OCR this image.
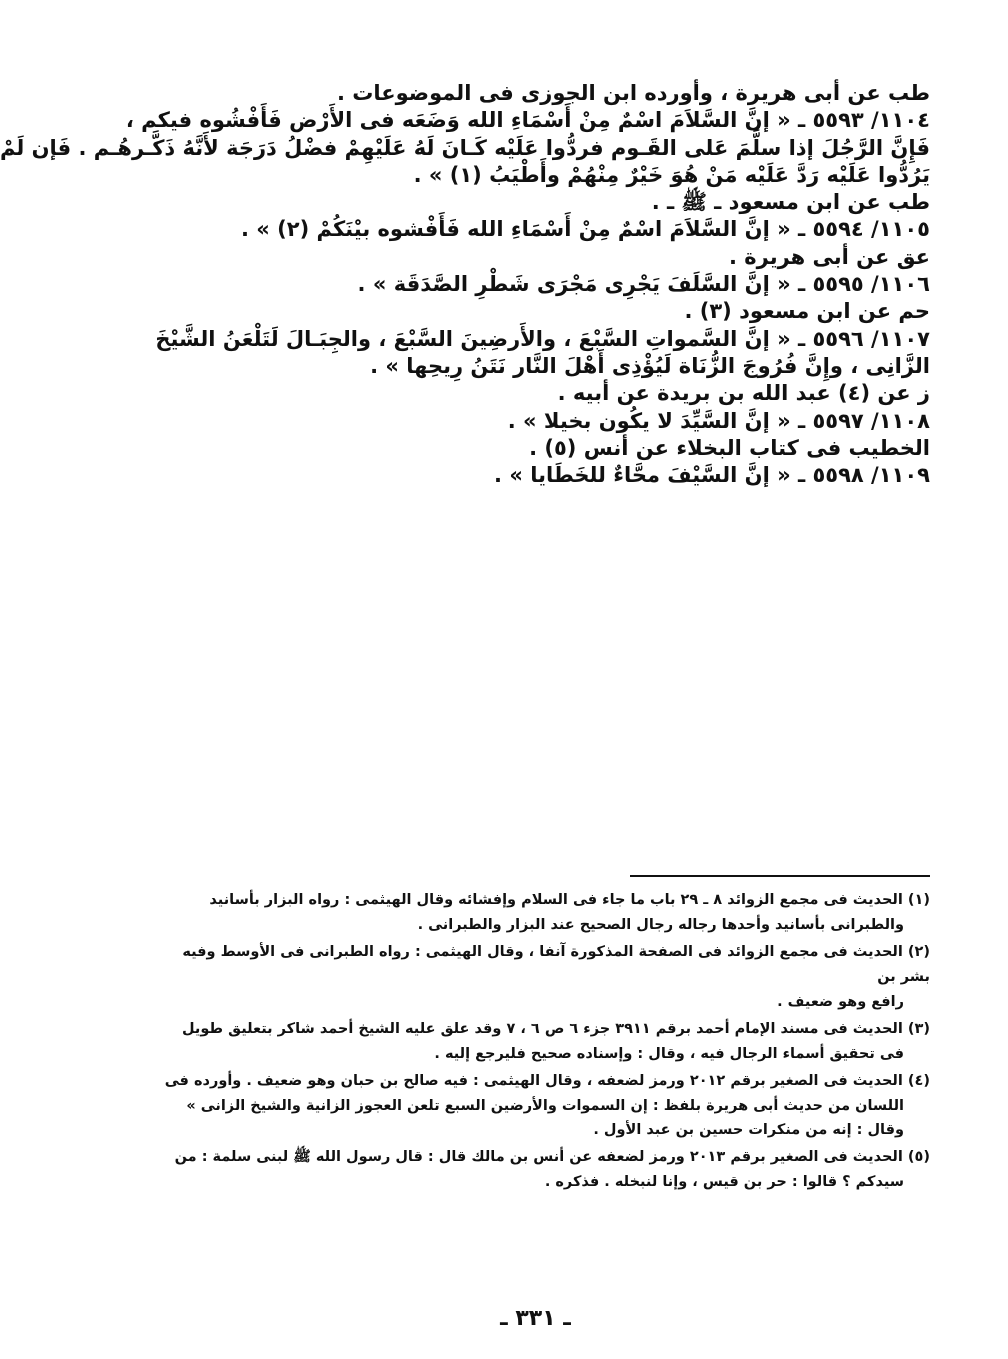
طب عن أبى هريرة ، وأورده ابن الجوزى فى الموضوعات .

١١٠٤/ ٥٥٩٣ ـ « إنَّ السَّلاَمَ اسْمٌ مِنْ أَسْمَاءِ الله وَضَعَه فى الأَرْض فَأَفْشُوه فيكم ،

فَإِنَّ الرَّجُلَ إذا سلَّمَ عَلى القَـوم فردُّوا عَلَيْه كَـانَ لَهُ عَلَيْهِمْ فضْلُ دَرَجَة لأَنَّهُ ذَكَّـرهُـم . فَإن لَمْ

يَرُدُّوا عَلَيْه رَدَّ عَلَيْه مَنْ هُوَ خَيْرٌ مِنْهُمْ وأَطْيَبُ (١) » .

طب عن ابن مسعود ـ ﷺ ـ .

١١٠٥/ ٥٥٩٤ ـ « إنَّ السَّلاَمَ اسْمٌ مِنْ أَسْمَاءِ الله فَأَفْشوه بيْنَكُمْ (٢) » .

عق عن أبى هريرة .

١١٠٦/ ٥٥٩٥ ـ « إنَّ السَّلَفَ يَجْرِى مَجْرَى شَطْرِ الصَّدَقَة » .

حم عن ابن مسعود (٣) .

١١٠٧/ ٥٥٩٦ ـ « إنَّ السَّمواتِ السَّبْعَ ، والأَرضِينَ السَّبْعَ ، والجِبَـالَ لَتَلْعَنُ الشَّيْخَ

الزَّانِى ، وإِنَّ فُرُوجَ الزُّنَاة لَيُؤْذِى أَهْلَ النَّار نَتَنُ رِيحِها » .

ز عن (٤) عبد الله بن بريدة عن أبيه .

١١٠٨/ ٥٥٩٧ ـ « إنَّ السَّيِّدَ لا يكُون بخيلا » .

الخطيب فى كتاب البخلاء عن أنس (٥) .

١١٠٩/ ٥٥٩٨ ـ « إنَّ السَّيْفَ محَّاءٌ للخَطَايا » .

(١) الحديث فى مجمع الزوائد ٨ ـ ٢٩ باب ما جاء فى السلام وإفشائه وقال الهيثمى : رواه البزار بأسانيد
والطبرانى بأسانيد وأحدها رجاله رجال الصحيح عند البزار والطبرانى .

(٢) الحديث فى مجمع الزوائد فى الصفحة المذكورة آنفا ، وقال الهيثمى : رواه الطبرانى فى الأوسط وفيه بشر بن
رافع وهو ضعيف .

(٣) الحديث فى مسند الإمام أحمد برقم ٣٩١١ جزء ٦ ص ٦ ، ٧ وقد علق عليه الشيخ أحمد شاكر بتعليق طويل
فى تحقيق أسماء الرجال فيه ، وقال : وإسناده صحيح فليرجع إليه .

(٤) الحديث فى الصغير برقم ٢٠١٢ ورمز لضعفه ، وقال الهيثمى : فيه صالح بن حبان وهو ضعيف . وأورده فى
اللسان من حديث أبى هريرة بلفظ : إن السموات والأرضين السبع تلعن العجوز الزانية والشيخ الزانى »
وقال : إنه من منكرات حسين بن عبد الأول .

(٥) الحديث فى الصغير برقم ٢٠١٣ ورمز لضعفه عن أنس بن مالك قال : قال رسول الله ﷺ لبنى سلمة : من
سيدكم ؟ قالوا : حر بن قيس ، وإنا لنبخله . فذكره .

ـ ٣٣١ ـ
